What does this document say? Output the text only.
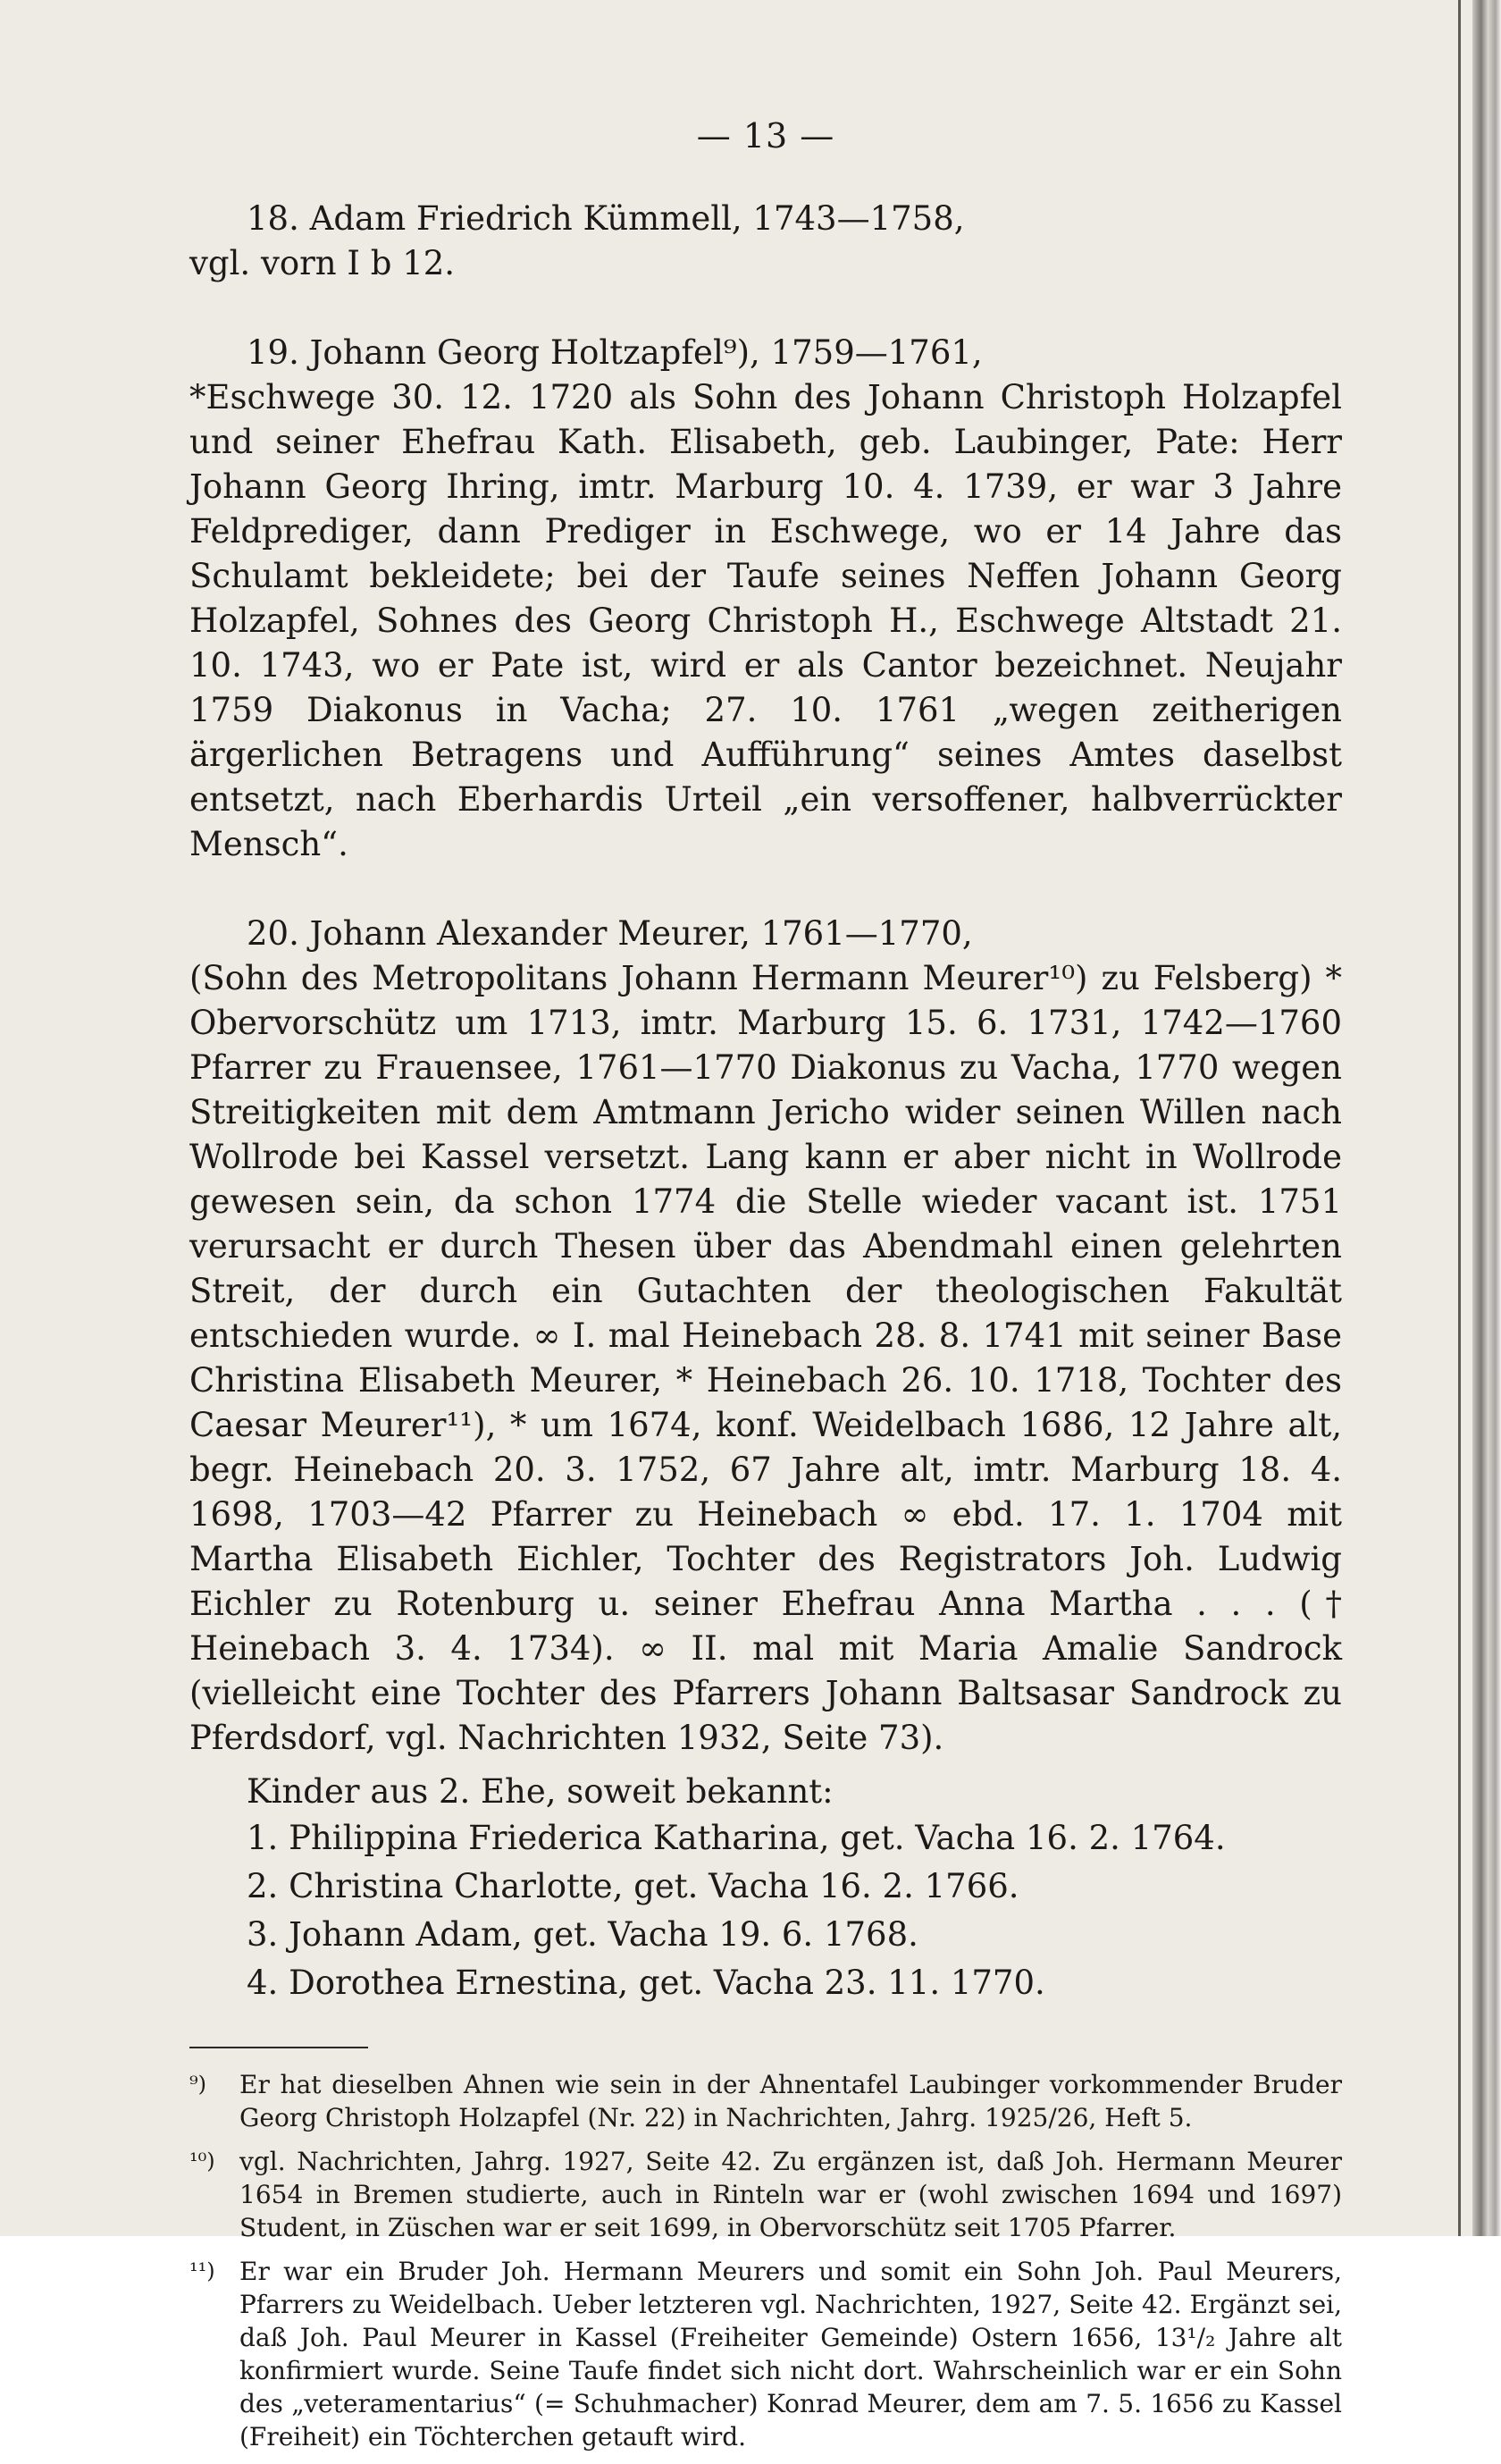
— 13 —

18. Adam Friedrich Kümmell, 1743—1758,

vgl. vorn I b 12.

19. Johann Georg Holtzapfel⁹), 1759—1761,

*Eschwege 30. 12. 1720 als Sohn des Johann Christoph Holzapfel und seiner Ehefrau Kath. Elisabeth, geb. Laubinger, Pate: Herr Johann Georg Ihring, imtr. Marburg 10. 4. 1739, er war 3 Jahre Feldprediger, dann Prediger in Eschwege, wo er 14 Jahre das Schulamt bekleidete; bei der Taufe seines Neffen Johann Georg Holzapfel, Sohnes des Georg Christoph H., Eschwege Altstadt 21. 10. 1743, wo er Pate ist, wird er als Cantor bezeichnet. Neujahr 1759 Diakonus in Vacha; 27. 10. 1761 „wegen zeitherigen ärgerlichen Betragens und Aufführung“ seines Amtes daselbst entsetzt, nach Eberhardis Urteil „ein versoffener, halbverrückter Mensch“.

20. Johann Alexander Meurer, 1761—1770,

(Sohn des Metropolitans Johann Hermann Meurer¹⁰) zu Felsberg) * Obervorschütz um 1713, imtr. Marburg 15. 6. 1731, 1742—1760 Pfarrer zu Frauensee, 1761—1770 Diakonus zu Vacha, 1770 wegen Streitigkeiten mit dem Amtmann Jericho wider seinen Willen nach Wollrode bei Kassel versetzt. Lang kann er aber nicht in Wollrode gewesen sein, da schon 1774 die Stelle wieder vacant ist. 1751 verursacht er durch Thesen über das Abendmahl einen gelehrten Streit, der durch ein Gutachten der theologischen Fakultät entschieden wurde. ∞ I. mal Heinebach 28. 8. 1741 mit seiner Base Christina Elisabeth Meurer, * Heinebach 26. 10. 1718, Tochter des Caesar Meurer¹¹), * um 1674, konf. Weidelbach 1686, 12 Jahre alt, begr. Heinebach 20. 3. 1752, 67 Jahre alt, imtr. Marburg 18. 4. 1698, 1703—42 Pfarrer zu Heinebach ∞ ebd. 17. 1. 1704 mit Martha Elisabeth Eichler, Tochter des Registrators Joh. Ludwig Eichler zu Rotenburg u. seiner Ehefrau Anna Martha . . . († Heinebach 3. 4. 1734). ∞ II. mal mit Maria Amalie Sandrock (vielleicht eine Tochter des Pfarrers Johann Baltsasar Sandrock zu Pferdsdorf, vgl. Nachrichten 1932, Seite 73).

Kinder aus 2. Ehe, soweit bekannt:

1. Philippina Friederica Katharina, get. Vacha 16. 2. 1764.
2. Christina Charlotte, get. Vacha 16. 2. 1766.
3. Johann Adam, get. Vacha 19. 6. 1768.
4. Dorothea Ernestina, get. Vacha 23. 11. 1770.
⁹)	Er hat dieselben Ahnen wie sein in der Ahnentafel Laubinger vorkommender Bruder Georg Christoph Holzapfel (Nr. 22) in Nachrichten, Jahrg. 1925/26, Heft 5.
¹⁰) vgl. Nachrichten, Jahrg. 1927, Seite 42. Zu ergänzen ist, daß Joh. Hermann Meurer 1654 in Bremen studierte, auch in Rinteln war er (wohl zwischen 1694 und 1697) Student, in Züschen war er seit 1699, in Obervorschütz seit 1705 Pfarrer.
¹¹) Er war ein Bruder Joh. Hermann Meurers und somit ein Sohn Joh. Paul Meurers, Pfarrers zu Weidelbach. Ueber letzteren vgl. Nachrichten, 1927, Seite 42. Ergänzt sei, daß Joh. Paul Meurer in Kassel (Freiheiter Gemeinde) Ostern 1656, 13¹/₂ Jahre alt konfirmiert wurde. Seine Taufe findet sich nicht dort. Wahrscheinlich war er ein Sohn des „veteramentarius“ (= Schuhmacher) Konrad Meurer, dem am 7. 5. 1656 zu Kassel (Freiheit) ein Töchterchen getauft wird.
